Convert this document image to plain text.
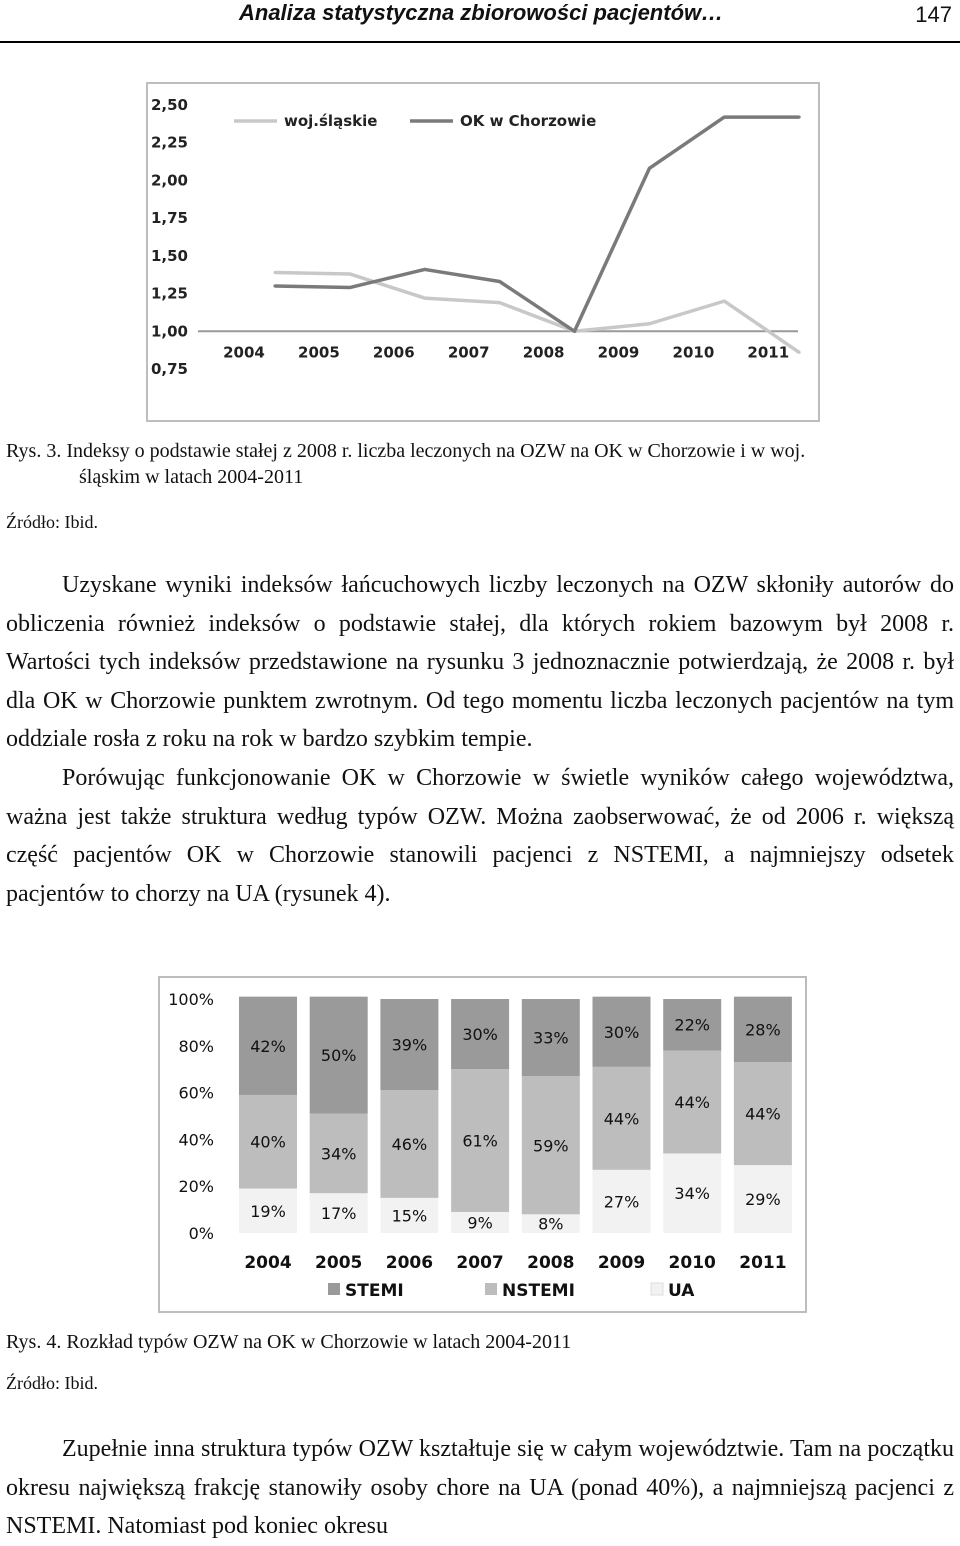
Analiza statystyczna zbiorowości pacjentów…	147
0,75
1,00
1,25
1,50
1,75
2,00
2,25
2,50
2004 2005 2006 2007 2008 2009 2010 2011
woj.śląskie	OK w Chorzowie
Rys. 3. Indeksy o podstawie stałej z 2008 r. liczba leczonych na OZW na OK w Chorzowie i w woj.
śląskim w latach 2004-2011
Źródło: Ibid.

Uzyskane wyniki indeksów łańcuchowych liczby leczonych na OZW skłoniły autorów do obliczenia również indeksów o podstawie stałej, dla których rokiem bazowym był 2008 r. Wartości tych indeksów przedstawione na rysunku 3 jednoznacznie potwierdzają, że 2008 r. był dla OK w Chorzowie punktem zwrotnym. Od tego momentu liczba leczonych pacjentów na tym oddziale rosła z roku na rok w bardzo szybkim tempie.

Porówując funkcjonowanie OK w Chorzowie w świetle wyników całego województwa, ważna jest także struktura według typów OZW. Można zaobserwować, że od 2006 r. większą część pacjentów OK w Chorzowie stanowili pacjenci z NSTEMI, a najmniejszy odsetek pacjentów to chorzy na UA (rysunek 4).

0%
20%
40%
60%
80%
100%
19%
40%
42%
2004
17%
34%
50%
2005
15%
46%
39%
2006
9%
61%
30%
2007
8%
59%
33%
2008
27%
44%
30%
2009
34%
44%
22%
2010
29%
44%
28%
2011
STEMI	NSTEMI	UA
Rys. 4. Rozkład typów OZW na OK w Chorzowie w latach 2004-2011
Źródło: Ibid.

Zupełnie inna struktura typów OZW kształtuje się w całym województwie. Tam na początku okresu największą frakcję stanowiły osoby chore na UA (ponad 40%), a najmniejszą pacjenci z NSTEMI. Natomiast pod koniec okresu
